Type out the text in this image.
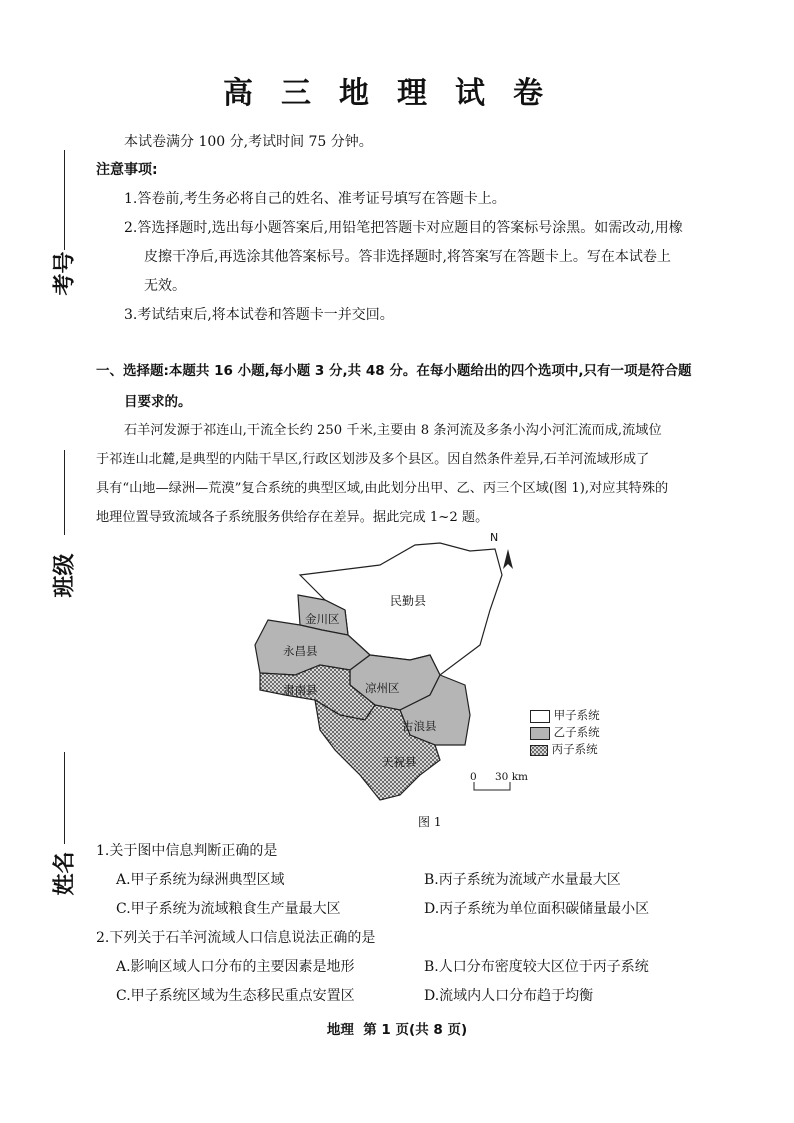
高三地理试卷
本试卷满分 100 分,考试时间 75 分钟。
注意事项:
1.答卷前,考生务必将自己的姓名、准考证号填写在答题卡上。
2.答选择题时,选出每小题答案后,用铅笔把答题卡对应题目的答案标号涂黑。如需改动,用橡
皮擦干净后,再选涂其他答案标号。答非选择题时,将答案写在答题卡上。写在本试卷上
无效。
3.考试结束后,将本试卷和答题卡一并交回。
考号
班级
姓名
一、选择题:本题共 16 小题,每小题 3 分,共 48 分。在每小题给出的四个选项中,只有一项是符合题
目要求的。
石羊河发源于祁连山,干流全长约 250 千米,主要由 8 条河流及多条小沟小河汇流而成,流域位
于祁连山北麓,是典型的内陆干旱区,行政区划涉及多个县区。因自然条件差异,石羊河流域形成了
具有“山地—绿洲—荒漠”复合系统的典型区域,由此划分出甲、乙、丙三个区域(图 1),对应其特殊的
地理位置导致流域各子系统服务供给存在差异。据此完成 1~2 题。
N
民勤县
金川区
永昌县
肃南县	凉州区
古浪县
天祝县
甲子系统
乙子系统
丙子系统
0 30 km
图 1
1.关于图中信息判断正确的是
A.甲子系统为绿洲典型区域	B.丙子系统为流域产水量最大区
C.甲子系统为流域粮食生产量最大区	D.丙子系统为单位面积碳储量最小区
2.下列关于石羊河流域人口信息说法正确的是
A.影响区域人口分布的主要因素是地形	B.人口分布密度较大区位于丙子系统
C.甲子系统区域为生态移民重点安置区	D.流域内人口分布趋于均衡
地理  第 1 页(共 8 页)
